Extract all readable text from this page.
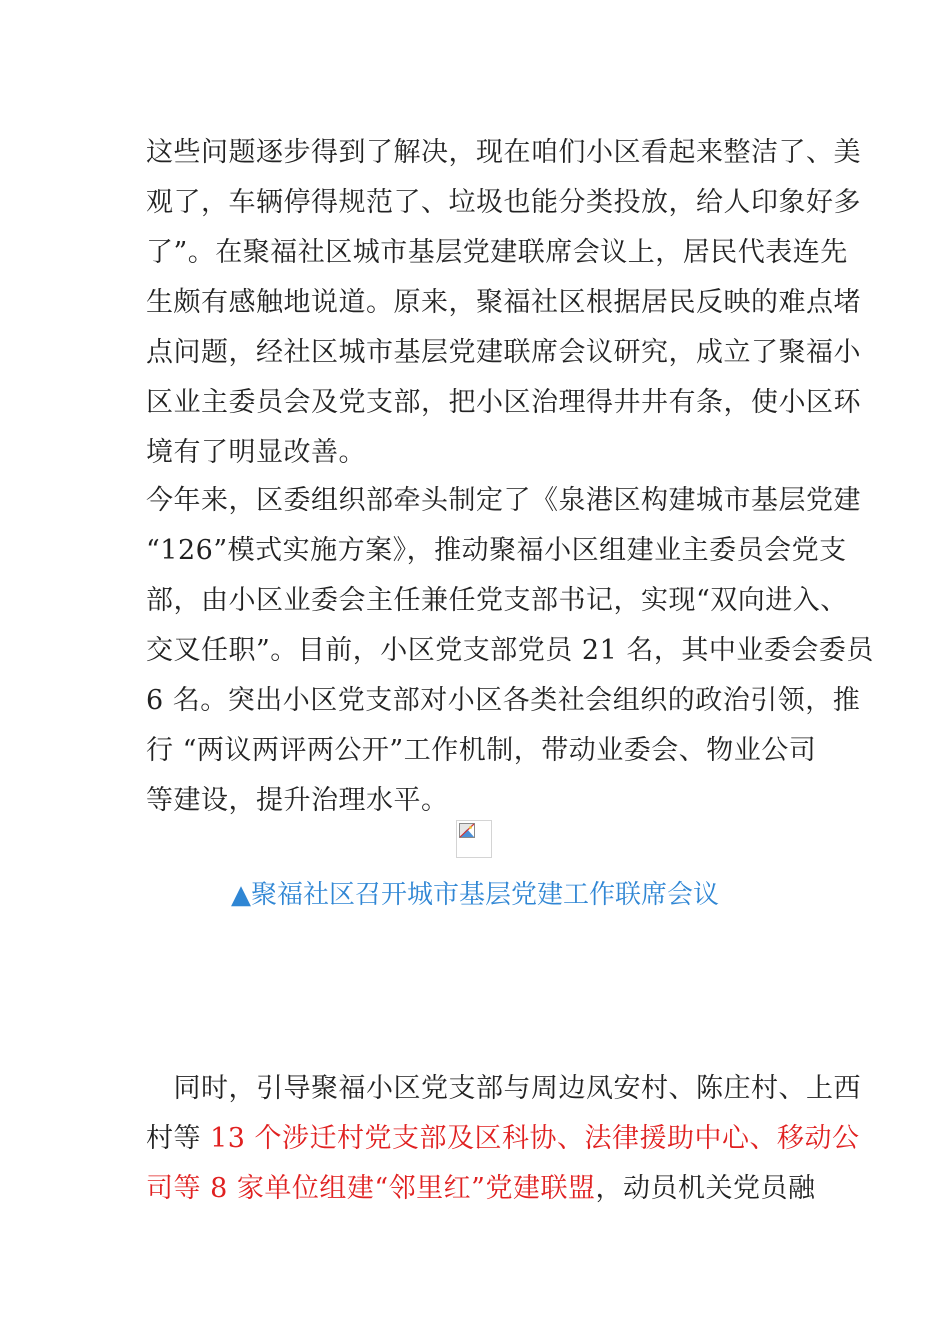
这些问题逐步得到了解决，现在咱们小区看起来整洁了、美
观了，车辆停得规范了、垃圾也能分类投放，给人印象好多
了”。在聚福社区城市基层党建联席会议上，居民代表连先
生颇有感触地说道。原来，聚福社区根据居民反映的难点堵
点问题，经社区城市基层党建联席会议研究，成立了聚福小
区业主委员会及党支部，把小区治理得井井有条，使小区环
境有了明显改善。
今年来，区委组织部牵头制定了《泉港区构建城市基层党建
“126”模式实施方案》，推动聚福小区组建业主委员会党支
部，由小区业委会主任兼任党支部书记，实现“双向进入、
交叉任职”。目前，小区党支部党员 21 名，其中业委会委员
6 名。突出小区党支部对小区各类社会组织的政治引领，推
行 “两议两评两公开”工作机制，带动业委会、物业公司
等建设，提升治理水平。
▲聚福社区召开城市基层党建工作联席会议
　同时，引导聚福小区党支部与周边凤安村、陈庄村、上西
村等 13 个涉迁村党支部及区科协、法律援助中心、移动公
司等 8 家单位组建“邻里红”党建联盟，动员机关党员融
